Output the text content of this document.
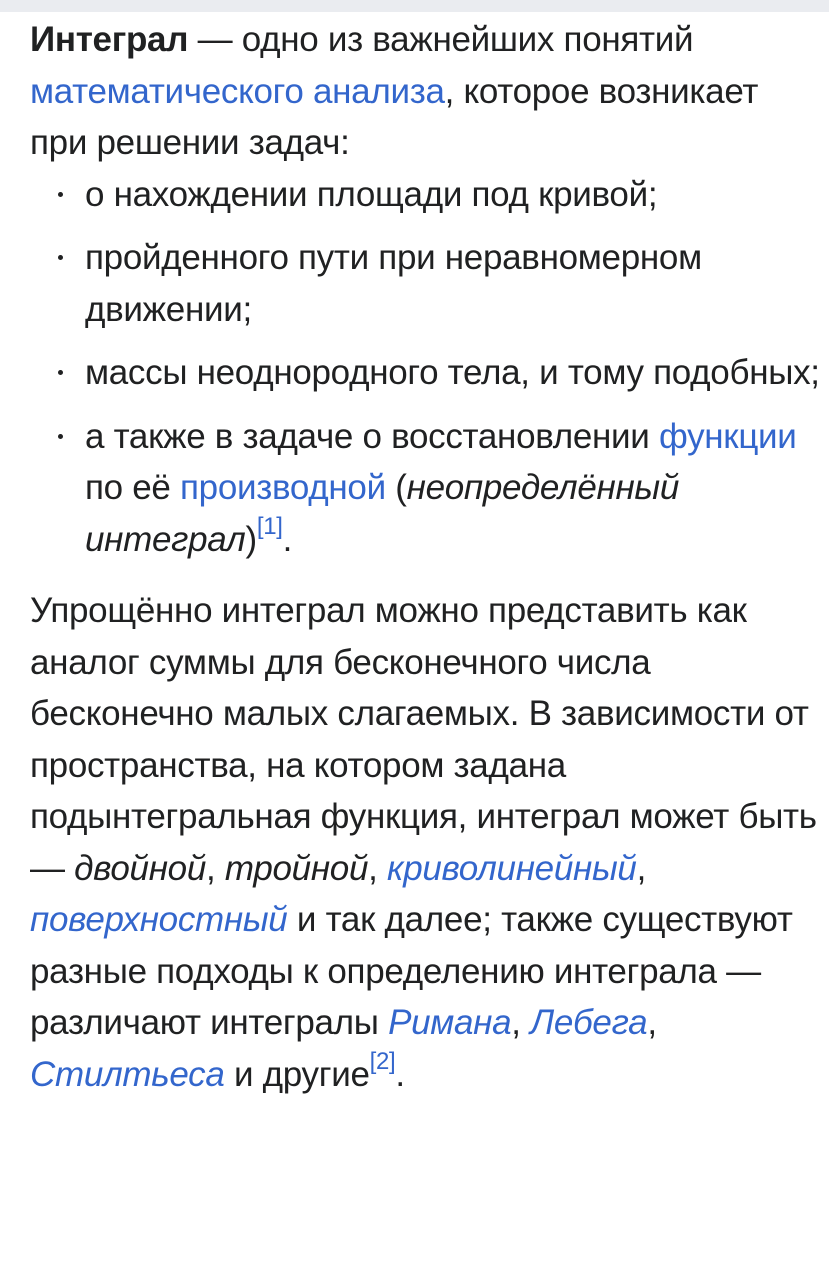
Интеграл — одно из важнейших понятий математического анализа, которое возникает при решении задач:

о нахождении площади под кривой;
пройденного пути при неравномерном движении;
массы неоднородного тела, и тому подобных;
а также в задаче о восстановлении функции по её производной (неопределённый интеграл)[1].

Упрощённо интеграл можно представить как аналог суммы для бесконечного числа бесконечно малых слагаемых. В зависимости от пространства, на котором задана подынтегральная функция, интеграл может быть — двойной, тройной, криволинейный, поверхностный и так далее; также существуют разные подходы к определению интеграла — различают интегралы Римана, Лебега, Стилтьеса и другие[2].
